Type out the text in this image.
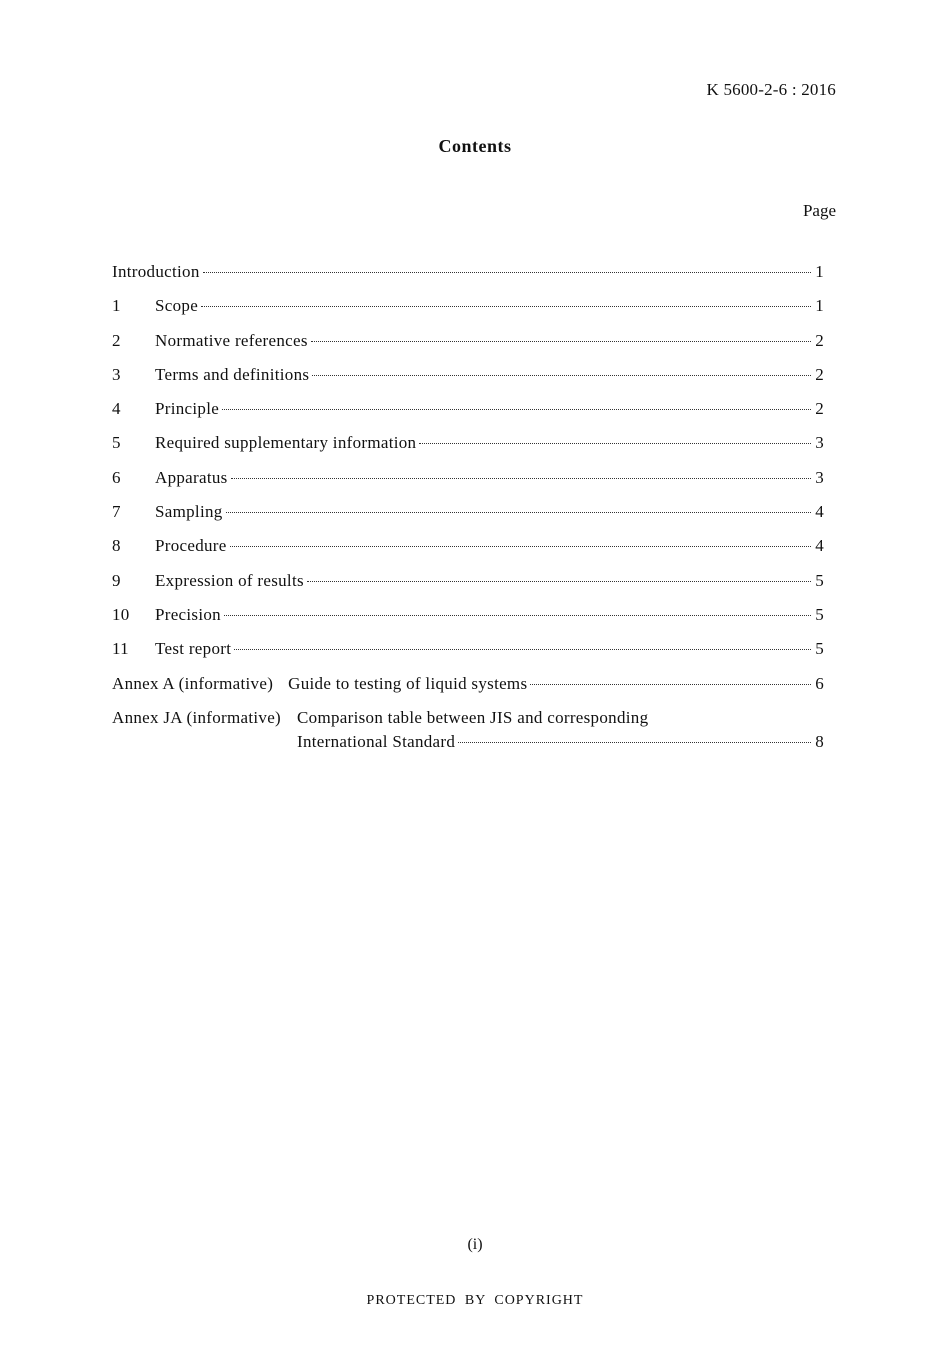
K 5600-2-6 : 2016
Contents
Page
Introduction	1
1	Scope	1
2	Normative references	2
3	Terms and definitions	2
4	Principle	2
5	Required supplementary information	3
6	Apparatus	3
7	Sampling	4
8	Procedure	4
9	Expression of results	5
10	Precision	5
11	Test report	5
Annex A (informative) Guide to testing of liquid systems	6
Annex JA (informative) Comparison table between JIS and corresponding
International Standard	8
(i)
PROTECTED BY COPYRIGHT
